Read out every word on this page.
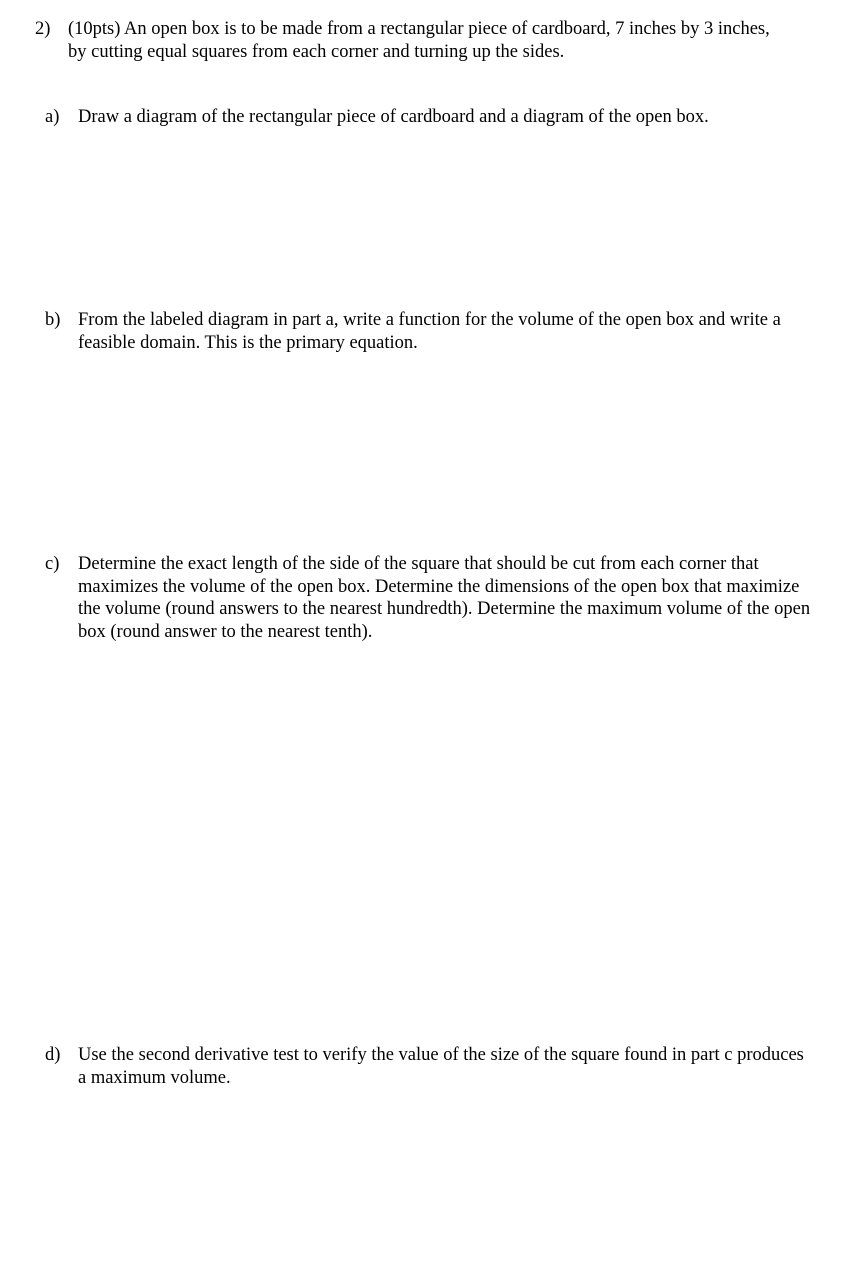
2) (10pts) An open box is to be made from a rectangular piece of cardboard, 7 inches by 3 inches, by cutting equal squares from each corner and turning up the sides.
a) Draw a diagram of the rectangular piece of cardboard and a diagram of the open box.
b) From the labeled diagram in part a, write a function for the volume of the open box and write a feasible domain. This is the primary equation.
c) Determine the exact length of the side of the square that should be cut from each corner that maximizes the volume of the open box. Determine the dimensions of the open box that maximize the volume (round answers to the nearest hundredth). Determine the maximum volume of the open box (round answer to the nearest tenth).
d) Use the second derivative test to verify the value of the size of the square found in part c produces a maximum volume.
